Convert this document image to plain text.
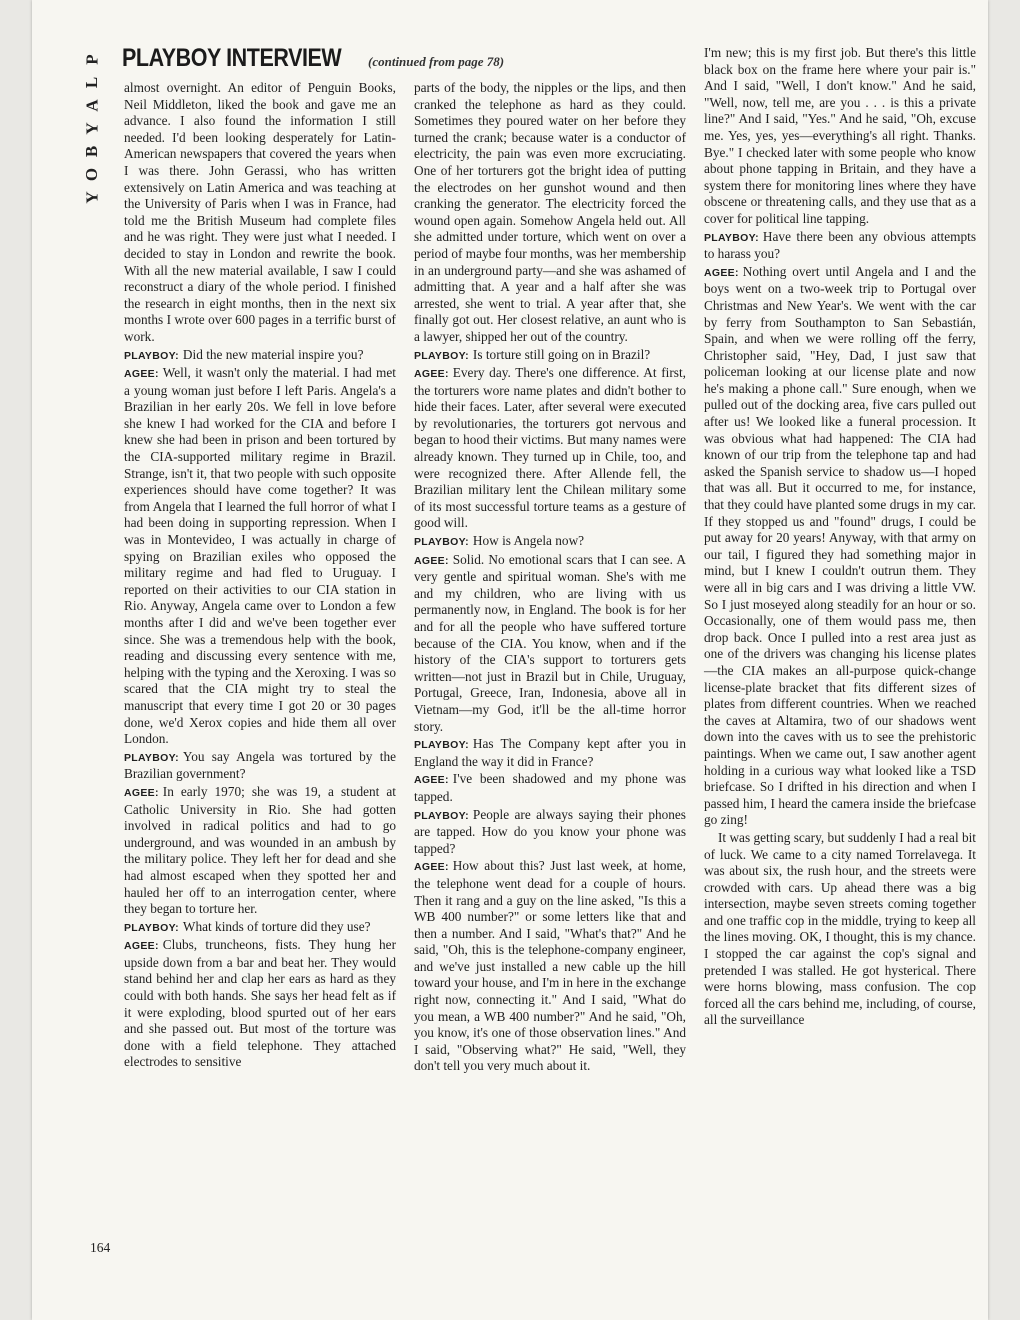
P
L
A
Y
B
O
Y
PLAYBOY INTERVIEW (continued from page 78)

almost overnight. An editor of Penguin Books, Neil Middleton, liked the book and gave me an advance. I also found the information I still needed. I'd been looking desperately for Latin-American newspapers that covered the years when I was there. John Gerassi, who has written extensively on Latin America and was teaching at the University of Paris when I was in France, had told me the British Museum had complete files and he was right. They were just what I needed. I decided to stay in London and rewrite the book. With all the new material available, I saw I could reconstruct a diary of the whole period. I finished the research in eight months, then in the next six months I wrote over 600 pages in a terrific burst of work.

PLAYBOY: Did the new material inspire you?

AGEE: Well, it wasn't only the material. I had met a young woman just before I left Paris. Angela's a Brazilian in her early 20s. We fell in love before she knew I had worked for the CIA and before I knew she had been in prison and been tortured by the CIA-supported military regime in Brazil. Strange, isn't it, that two people with such opposite experiences should have come together? It was from Angela that I learned the full horror of what I had been doing in supporting repression. When I was in Montevideo, I was actually in charge of spying on Brazilian exiles who opposed the military regime and had fled to Uruguay. I reported on their activities to our CIA station in Rio. Anyway, Angela came over to London a few months after I did and we've been together ever since. She was a tremendous help with the book, reading and discussing every sentence with me, helping with the typing and the Xeroxing. I was so scared that the CIA might try to steal the manuscript that every time I got 20 or 30 pages done, we'd Xerox copies and hide them all over London.

PLAYBOY: You say Angela was tortured by the Brazilian government?

AGEE: In early 1970; she was 19, a student at Catholic University in Rio. She had gotten involved in radical politics and had to go underground, and was wounded in an ambush by the military police. They left her for dead and she had almost escaped when they spotted her and hauled her off to an interrogation center, where they began to torture her.

PLAYBOY: What kinds of torture did they use?

AGEE: Clubs, truncheons, fists. They hung her upside down from a bar and beat her. They would stand behind her and clap her ears as hard as they could with both hands. She says her head felt as if it were exploding, blood spurted out of her ears and she passed out. But most of the torture was done with a field telephone. They attached electrodes to sensitive

parts of the body, the nipples or the lips, and then cranked the telephone as hard as they could. Sometimes they poured water on her before they turned the crank; because water is a conductor of electricity, the pain was even more excruciating. One of her torturers got the bright idea of putting the electrodes on her gunshot wound and then cranking the generator. The electricity forced the wound open again. Somehow Angela held out. All she admitted under torture, which went on over a period of maybe four months, was her membership in an underground party—and she was ashamed of admitting that. A year and a half after she was arrested, she went to trial. A year after that, she finally got out. Her closest relative, an aunt who is a lawyer, shipped her out of the country.

PLAYBOY: Is torture still going on in Brazil?

AGEE: Every day. There's one difference. At first, the torturers wore name plates and didn't bother to hide their faces. Later, after several were executed by revolutionaries, the torturers got nervous and began to hood their victims. But many names were already known. They turned up in Chile, too, and were recognized there. After Allende fell, the Brazilian military lent the Chilean military some of its most successful torture teams as a gesture of good will.

PLAYBOY: How is Angela now?

AGEE: Solid. No emotional scars that I can see. A very gentle and spiritual woman. She's with me and my children, who are living with us permanently now, in England. The book is for her and for all the people who have suffered torture because of the CIA. You know, when and if the history of the CIA's support to torturers gets written—not just in Brazil but in Chile, Uruguay, Portugal, Greece, Iran, Indonesia, above all in Vietnam—my God, it'll be the all-time horror story.

PLAYBOY: Has The Company kept after you in England the way it did in France?

AGEE: I've been shadowed and my phone was tapped.

PLAYBOY: People are always saying their phones are tapped. How do you know your phone was tapped?

AGEE: How about this? Just last week, at home, the telephone went dead for a couple of hours. Then it rang and a guy on the line asked, "Is this a WB 400 number?" or some letters like that and then a number. And I said, "What's that?" And he said, "Oh, this is the telephone-company engineer, and we've just installed a new cable up the hill toward your house, and I'm in here in the exchange right now, connecting it." And I said, "What do you mean, a WB 400 number?" And he said, "Oh, you know, it's one of those observation lines." And I said, "Observing what?" He said, "Well, they don't tell you very much about it.

I'm new; this is my first job. But there's this little black box on the frame here where your pair is." And I said, "Well, I don't know." And he said, "Well, now, tell me, are you . . . is this a private line?" And I said, "Yes." And he said, "Oh, excuse me. Yes, yes, yes—everything's all right. Thanks. Bye." I checked later with some people who know about phone tapping in Britain, and they have a system there for monitoring lines where they have obscene or threatening calls, and they use that as a cover for political line tapping.

PLAYBOY: Have there been any obvious attempts to harass you?

AGEE: Nothing overt until Angela and I and the boys went on a two-week trip to Portugal over Christmas and New Year's. We went with the car by ferry from Southampton to San Sebastián, Spain, and when we were rolling off the ferry, Christopher said, "Hey, Dad, I just saw that policeman looking at our license plate and now he's making a phone call." Sure enough, when we pulled out of the docking area, five cars pulled out after us! We looked like a funeral procession. It was obvious what had happened: The CIA had known of our trip from the telephone tap and had asked the Spanish service to shadow us—I hoped that was all. But it occurred to me, for instance, that they could have planted some drugs in my car. If they stopped us and "found" drugs, I could be put away for 20 years! Anyway, with that army on our tail, I figured they had something major in mind, but I knew I couldn't outrun them. They were all in big cars and I was driving a little VW. So I just moseyed along steadily for an hour or so. Occasionally, one of them would pass me, then drop back. Once I pulled into a rest area just as one of the drivers was changing his license plates—the CIA makes an all-purpose quick-change license-plate bracket that fits different sizes of plates from different countries. When we reached the caves at Altamira, two of our shadows went down into the caves with us to see the prehistoric paintings. When we came out, I saw another agent holding in a curious way what looked like a TSD briefcase. So I drifted in his direction and when I passed him, I heard the camera inside the briefcase go zing!

It was getting scary, but suddenly I had a real bit of luck. We came to a city named Torrelavega. It was about six, the rush hour, and the streets were crowded with cars. Up ahead there was a big intersection, maybe seven streets coming together and one traffic cop in the middle, trying to keep all the lines moving. OK, I thought, this is my chance. I stopped the car against the cop's signal and pretended I was stalled. He got hysterical. There were horns blowing, mass confusion. The cop forced all the cars behind me, including, of course, all the surveillance

164
